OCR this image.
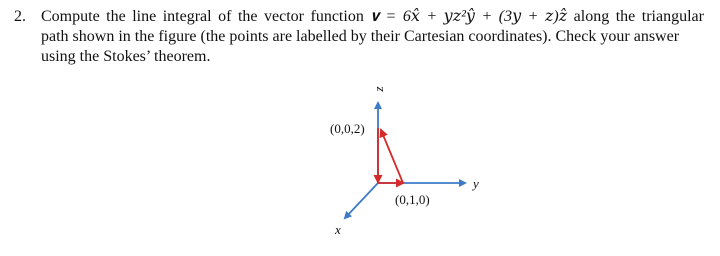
2. Compute the line integral of the vector function 𝐯 = 6𝑥̂ + 𝑦𝑧²𝑦̂ + (3𝑦 + 𝑧)𝑧̂ along the triangular

path shown in the figure (the points are labelled by their Cartesian coordinates). Check your answer

using the Stokes’ theorem.

z
y
x
(0,0,2)
(0,1,0)
